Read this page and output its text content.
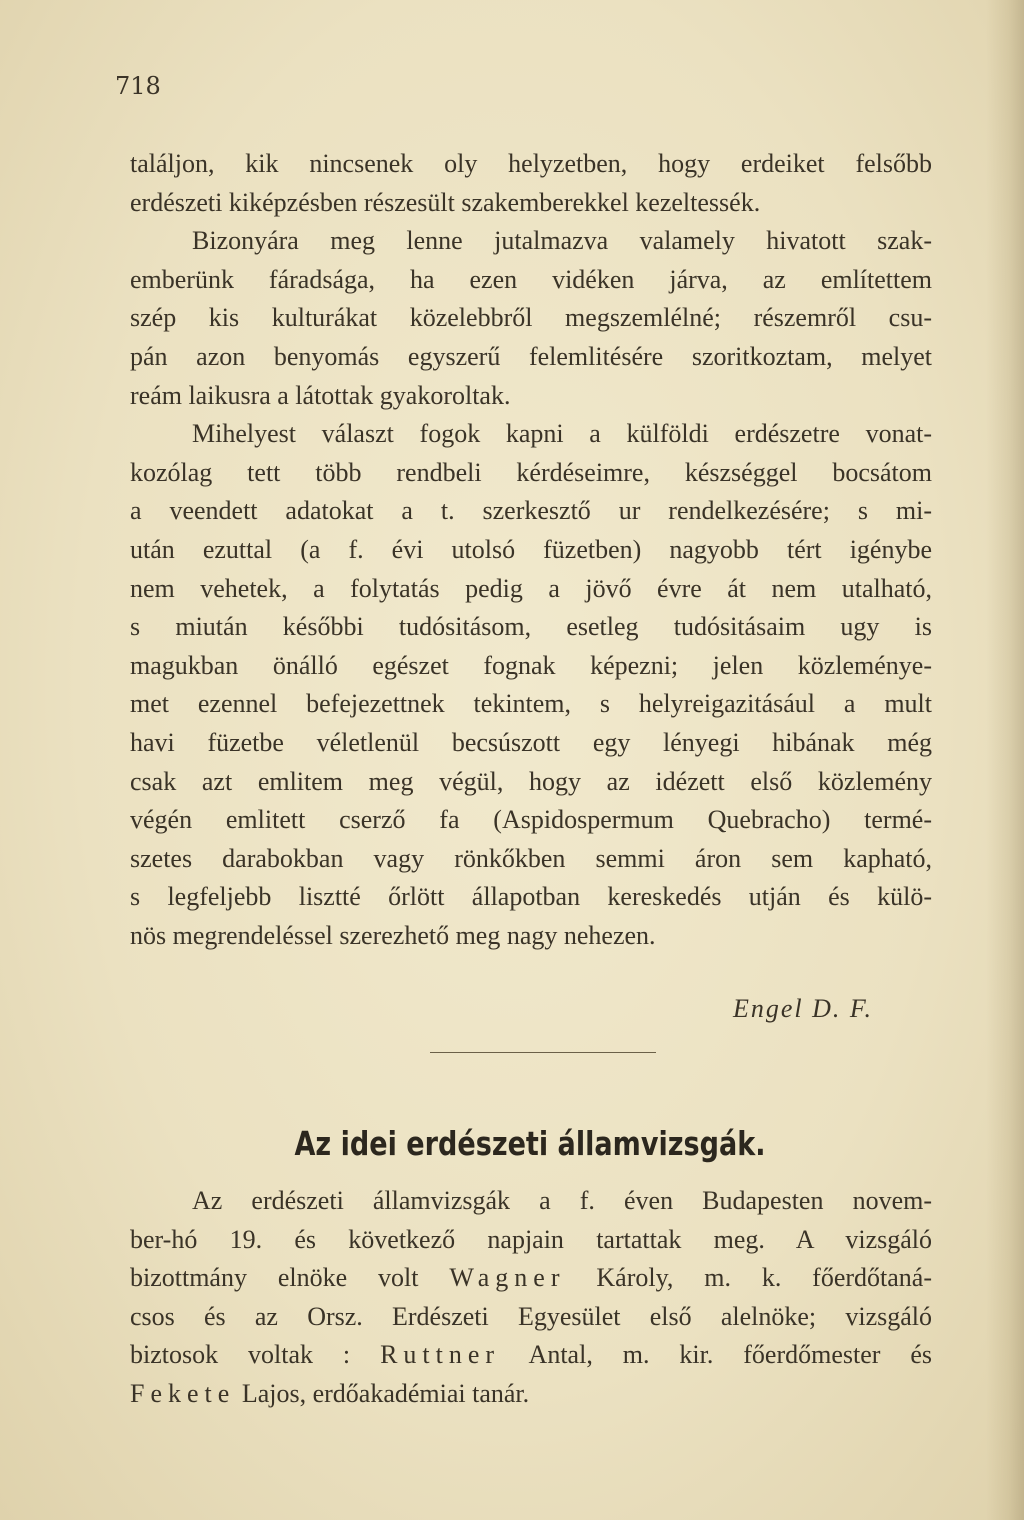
718
találjon, kik nincsenek oly helyzetben, hogy erdeiket felsőbb
erdészeti kiképzésben részesült szakemberekkel kezeltessék.
Bizonyára meg lenne jutalmazva valamely hivatott szak-
emberünk fáradsága, ha ezen vidéken járva, az említettem
szép kis kulturákat közelebbről megszemlélné; részemről csu-
pán azon benyomás egyszerű felemlitésére szoritkoztam, melyet
reám laikusra a látottak gyakoroltak.
Mihelyest választ fogok kapni a külföldi erdészetre vonat-
kozólag tett több rendbeli kérdéseimre, készséggel bocsátom
a veendett adatokat a t. szerkesztő ur rendelkezésére; s mi-
után ezuttal (a f. évi utolsó füzetben) nagyobb tért igénybe
nem vehetek, a folytatás pedig a jövő évre át nem utalható,
s miután későbbi tudósitásom, esetleg tudósitásaim ugy is
magukban önálló egészet fognak képezni; jelen közleménye-
met ezennel befejezettnek tekintem, s helyreigazitásául a mult
havi füzetbe véletlenül becsúszott egy lényegi hibának még
csak azt emlitem meg végül, hogy az idézett első közlemény
végén emlitett cserző fa (Aspidospermum Quebracho) termé-
szetes darabokban vagy rönkőkben semmi áron sem kapható,
s legfeljebb lisztté őrlött állapotban kereskedés utján és külö-
nös megrendeléssel szerezhető meg nagy nehezen.
Engel D. F.
Az idei erdészeti államvizsgák.
Az erdészeti államvizsgák a f. éven Budapesten novem-
ber-hó 19. és következő napjain tartattak meg. A vizsgáló
bizottmány elnöke volt Wagner Károly, m. k. főerdőtaná-
csos és az Orsz. Erdészeti Egyesület első alelnöke; vizsgáló
biztosok voltak : Ruttner Antal, m. kir. főerdőmester és
Fekete Lajos, erdőakadémiai tanár.
